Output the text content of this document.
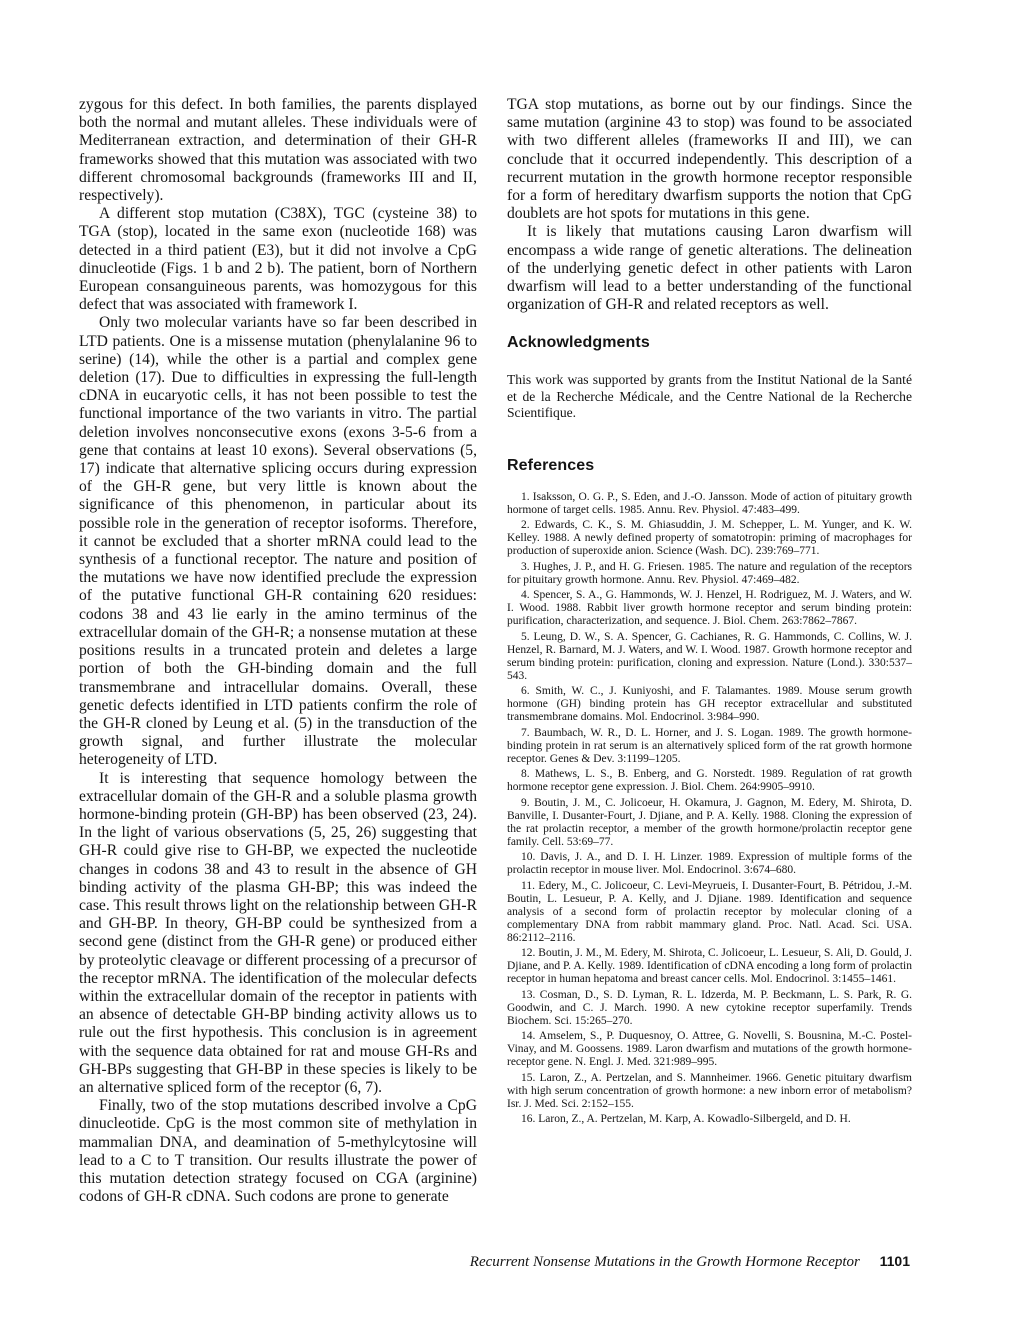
zygous for this defect. In both families, the parents displayed both the normal and mutant alleles. These individuals were of Mediterranean extraction, and determination of their GH-R frameworks showed that this mutation was associated with two different chromosomal backgrounds (frameworks III and II, respectively).

A different stop mutation (C38X), TGC (cysteine 38) to TGA (stop), located in the same exon (nucleotide 168) was detected in a third patient (E3), but it did not involve a CpG dinucleotide (Figs. 1 b and 2 b). The patient, born of Northern European consanguineous parents, was homozygous for this defect that was associated with framework I.

Only two molecular variants have so far been described in LTD patients. One is a missense mutation (phenylalanine 96 to serine) (14), while the other is a partial and complex gene deletion (17). Due to difficulties in expressing the full-length cDNA in eucaryotic cells, it has not been possible to test the functional importance of the two variants in vitro. The partial deletion involves nonconsecutive exons (exons 3-5-6 from a gene that contains at least 10 exons). Several observations (5, 17) indicate that alternative splicing occurs during expression of the GH-R gene, but very little is known about the significance of this phenomenon, in particular about its possible role in the generation of receptor isoforms. Therefore, it cannot be excluded that a shorter mRNA could lead to the synthesis of a functional receptor. The nature and position of the mutations we have now identified preclude the expression of the putative functional GH-R containing 620 residues: codons 38 and 43 lie early in the amino terminus of the extracellular domain of the GH-R; a nonsense mutation at these positions results in a truncated protein and deletes a large portion of both the GH-binding domain and the full transmembrane and intracellular domains. Overall, these genetic defects identified in LTD patients confirm the role of the GH-R cloned by Leung et al. (5) in the transduction of the growth signal, and further illustrate the molecular heterogeneity of LTD.

It is interesting that sequence homology between the extracellular domain of the GH-R and a soluble plasma growth hormone-binding protein (GH-BP) has been observed (23, 24). In the light of various observations (5, 25, 26) suggesting that GH-R could give rise to GH-BP, we expected the nucleotide changes in codons 38 and 43 to result in the absence of GH binding activity of the plasma GH-BP; this was indeed the case. This result throws light on the relationship between GH-R and GH-BP. In theory, GH-BP could be synthesized from a second gene (distinct from the GH-R gene) or produced either by proteolytic cleavage or different processing of a precursor of the receptor mRNA. The identification of the molecular defects within the extracellular domain of the receptor in patients with an absence of detectable GH-BP binding activity allows us to rule out the first hypothesis. This conclusion is in agreement with the sequence data obtained for rat and mouse GH-Rs and GH-BPs suggesting that GH-BP in these species is likely to be an alternative spliced form of the receptor (6, 7).

Finally, two of the stop mutations described involve a CpG dinucleotide. CpG is the most common site of methylation in mammalian DNA, and deamination of 5-methylcytosine will lead to a C to T transition. Our results illustrate the power of this mutation detection strategy focused on CGA (arginine) codons of GH-R cDNA. Such codons are prone to generate

TGA stop mutations, as borne out by our findings. Since the same mutation (arginine 43 to stop) was found to be associated with two different alleles (frameworks II and III), we can conclude that it occurred independently. This description of a recurrent mutation in the growth hormone receptor responsible for a form of hereditary dwarfism supports the notion that CpG doublets are hot spots for mutations in this gene.

It is likely that mutations causing Laron dwarfism will encompass a wide range of genetic alterations. The delineation of the underlying genetic defect in other patients with Laron dwarfism will lead to a better understanding of the functional organization of GH-R and related receptors as well.

Acknowledgments

This work was supported by grants from the Institut National de la Santé et de la Recherche Médicale, and the Centre National de la Recherche Scientifique.

References
1. Isaksson, O. G. P., S. Eden, and J.-O. Jansson. Mode of action of pituitary growth hormone of target cells. 1985. Annu. Rev. Physiol. 47:483–499.
2. Edwards, C. K., S. M. Ghiasuddin, J. M. Schepper, L. M. Yunger, and K. W. Kelley. 1988. A newly defined property of somatotropin: priming of macrophages for production of superoxide anion. Science (Wash. DC). 239:769–771.
3. Hughes, J. P., and H. G. Friesen. 1985. The nature and regulation of the receptors for pituitary growth hormone. Annu. Rev. Physiol. 47:469–482.
4. Spencer, S. A., G. Hammonds, W. J. Henzel, H. Rodriguez, M. J. Waters, and W. I. Wood. 1988. Rabbit liver growth hormone receptor and serum binding protein: purification, characterization, and sequence. J. Biol. Chem. 263:7862–7867.
5. Leung, D. W., S. A. Spencer, G. Cachianes, R. G. Hammonds, C. Collins, W. J. Henzel, R. Barnard, M. J. Waters, and W. I. Wood. 1987. Growth hormone receptor and serum binding protein: purification, cloning and expression. Nature (Lond.). 330:537–543.
6. Smith, W. C., J. Kuniyoshi, and F. Talamantes. 1989. Mouse serum growth hormone (GH) binding protein has GH receptor extracellular and substituted transmembrane domains. Mol. Endocrinol. 3:984–990.
7. Baumbach, W. R., D. L. Horner, and J. S. Logan. 1989. The growth hormone-binding protein in rat serum is an alternatively spliced form of the rat growth hormone receptor. Genes & Dev. 3:1199–1205.
8. Mathews, L. S., B. Enberg, and G. Norstedt. 1989. Regulation of rat growth hormone receptor gene expression. J. Biol. Chem. 264:9905–9910.
9. Boutin, J. M., C. Jolicoeur, H. Okamura, J. Gagnon, M. Edery, M. Shirota, D. Banville, I. Dusanter-Fourt, J. Djiane, and P. A. Kelly. 1988. Cloning the expression of the rat prolactin receptor, a member of the growth hormone/prolactin receptor gene family. Cell. 53:69–77.
10. Davis, J. A., and D. I. H. Linzer. 1989. Expression of multiple forms of the prolactin receptor in mouse liver. Mol. Endocrinol. 3:674–680.
11. Edery, M., C. Jolicoeur, C. Levi-Meyrueis, I. Dusanter-Fourt, B. Pétridou, J.-M. Boutin, L. Lesueur, P. A. Kelly, and J. Djiane. 1989. Identification and sequence analysis of a second form of prolactin receptor by molecular cloning of a complementary DNA from rabbit mammary gland. Proc. Natl. Acad. Sci. USA. 86:2112–2116.
12. Boutin, J. M., M. Edery, M. Shirota, C. Jolicoeur, L. Lesueur, S. Ali, D. Gould, J. Djiane, and P. A. Kelly. 1989. Identification of cDNA encoding a long form of prolactin receptor in human hepatoma and breast cancer cells. Mol. Endocrinol. 3:1455–1461.
13. Cosman, D., S. D. Lyman, R. L. Idzerda, M. P. Beckmann, L. S. Park, R. G. Goodwin, and C. J. March. 1990. A new cytokine receptor superfamily. Trends Biochem. Sci. 15:265–270.
14. Amselem, S., P. Duquesnoy, O. Attree, G. Novelli, S. Bousnina, M.-C. Postel-Vinay, and M. Goossens. 1989. Laron dwarfism and mutations of the growth hormone-receptor gene. N. Engl. J. Med. 321:989–995.
15. Laron, Z., A. Pertzelan, and S. Mannheimer. 1966. Genetic pituitary dwarfism with high serum concentration of growth hormone: a new inborn error of metabolism? Isr. J. Med. Sci. 2:152–155.
16. Laron, Z., A. Pertzelan, M. Karp, A. Kowadlo-Silbergeld, and D. H.
Recurrent Nonsense Mutations in the Growth Hormone Receptor 1101
